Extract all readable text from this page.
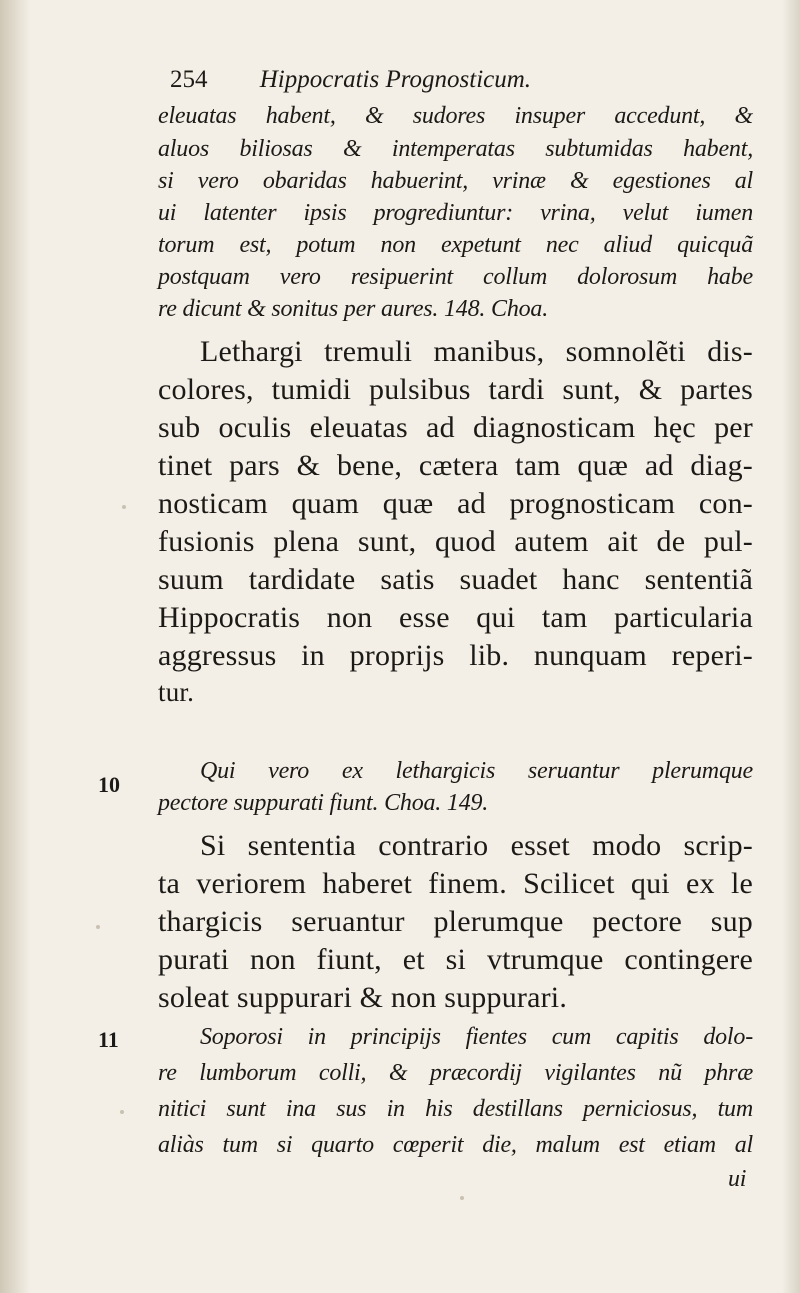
254 Hippocratis Prognosticum.
eleuatas habent, & sudores insuper accedunt, &
aluos biliosas & intemperatas subtumidas habent,
si vero obaridas habuerint, vrinæ & egestiones al
ui latenter ipsis progrediuntur: vrina, velut iumen
torum est, potum non expetunt nec aliud quicquã
postquam vero resipuerint collum dolorosum habe
re dicunt & sonitus per aures. 148. Choa.
Lethargi tremuli manibus, somnolẽti dis-
colores, tumidi pulsibus tardi sunt, & partes
sub oculis eleuatas ad diagnosticam hęc per
tinet pars & bene, cætera tam quæ ad diag-
nosticam quam quæ ad prognosticam con-
fusionis plena sunt, quod autem ait de pul-
suum tardidate satis suadet hanc sententiã
Hippocratis non esse qui tam particularia
aggressus in proprijs lib. nunquam reperi-
tur.
10
Qui vero ex lethargicis seruantur plerumque
pectore suppurati fiunt. Choa. 149.
Si sententia contrario esset modo scrip-
ta veriorem haberet finem. Scilicet qui ex le
thargicis seruantur plerumque pectore sup
purati non fiunt, et si vtrumque contingere
soleat suppurari & non suppurari.
11	Soporosi in principijs fientes cum capitis dolo-
re lumborum colli, & præcordij vigilantes nũ phræ
nitici sunt ina sus in his destillans perniciosus, tum
aliàs tum si quarto cœperit die, malum est etiam al
ui
